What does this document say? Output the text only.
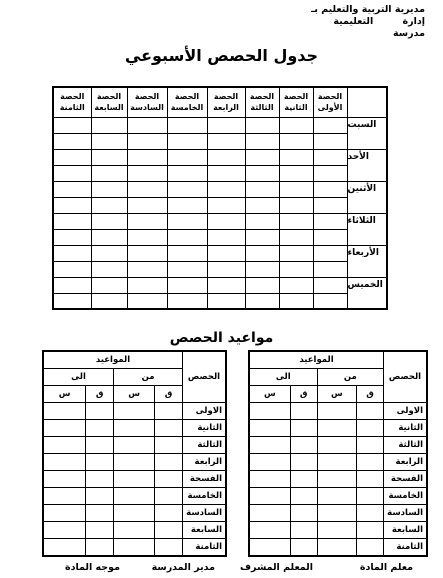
مديرية التربية والتعليم بـ
إدارة التعليمية
مدرسة
جدول الحصص الأسبوعي
	الحصة الأولى	الحصة الثانية	الحصة الثالثة	الحصة الرابعة	الحصة الخامسة	الحصة السادسة	الحصة السابعة	الحصة الثامنة
السبت								
الأحد								
الأثنين								
الثلاثاء								
الأربعاء								
الخميس								
مواعيد الحصص
الحصص	المواعيد			
	من		الى	
	ق	س	ق	س
الاولى				
الثانية				
الثالثة				
الرابعة				
الفسحة				
الخامسة				
السادسة				
السابعة				
الثامنة				
الحصص	المواعيد			
	من		الى	
	ق	س	ق	س
الاولى				
الثانية				
الثالثة				
الرابعة				
الفسحة				
الخامسة				
السادسة				
السابعة				
الثامنة				
معلم المادة
المعلم المشرف
مدير المدرسة
موجه المادة
